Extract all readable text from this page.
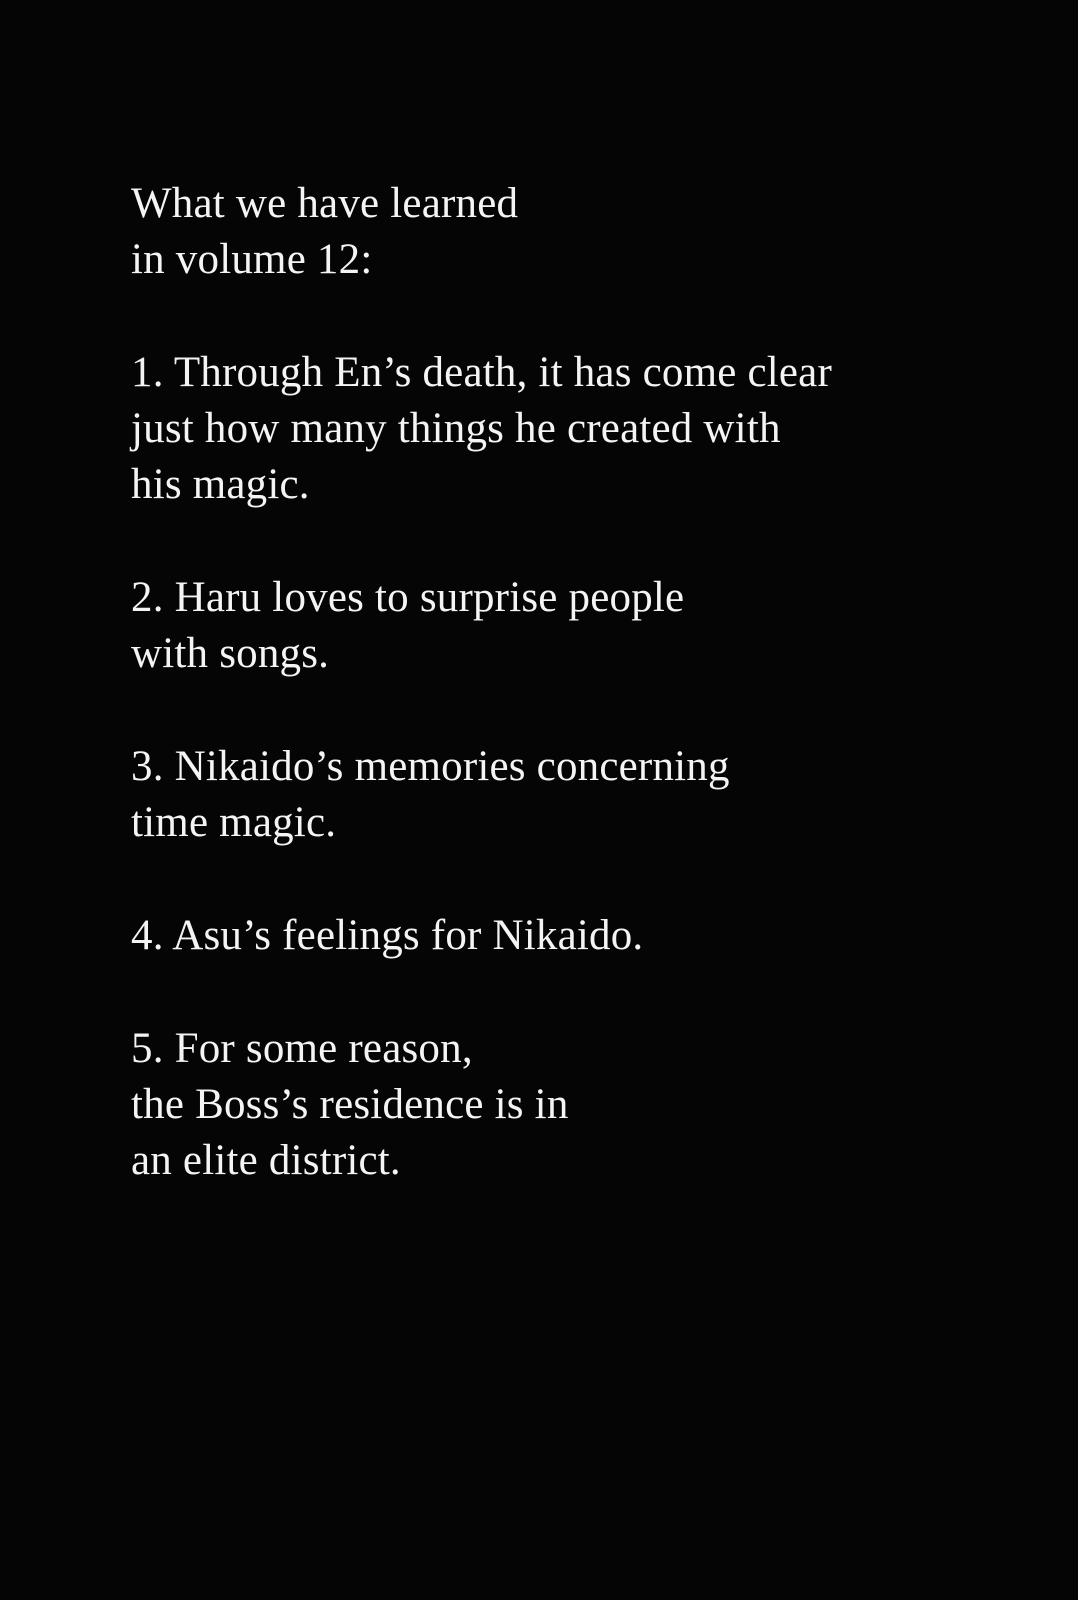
What we have learned
in volume 12:
1. Through En’s death, it has come clear
just how many things he created with
his magic.
2. Haru loves to surprise people
with songs.
3. Nikaido’s memories concerning
time magic.
4. Asu’s feelings for Nikaido.
5. For some reason,
the Boss’s residence is in
an elite district.
